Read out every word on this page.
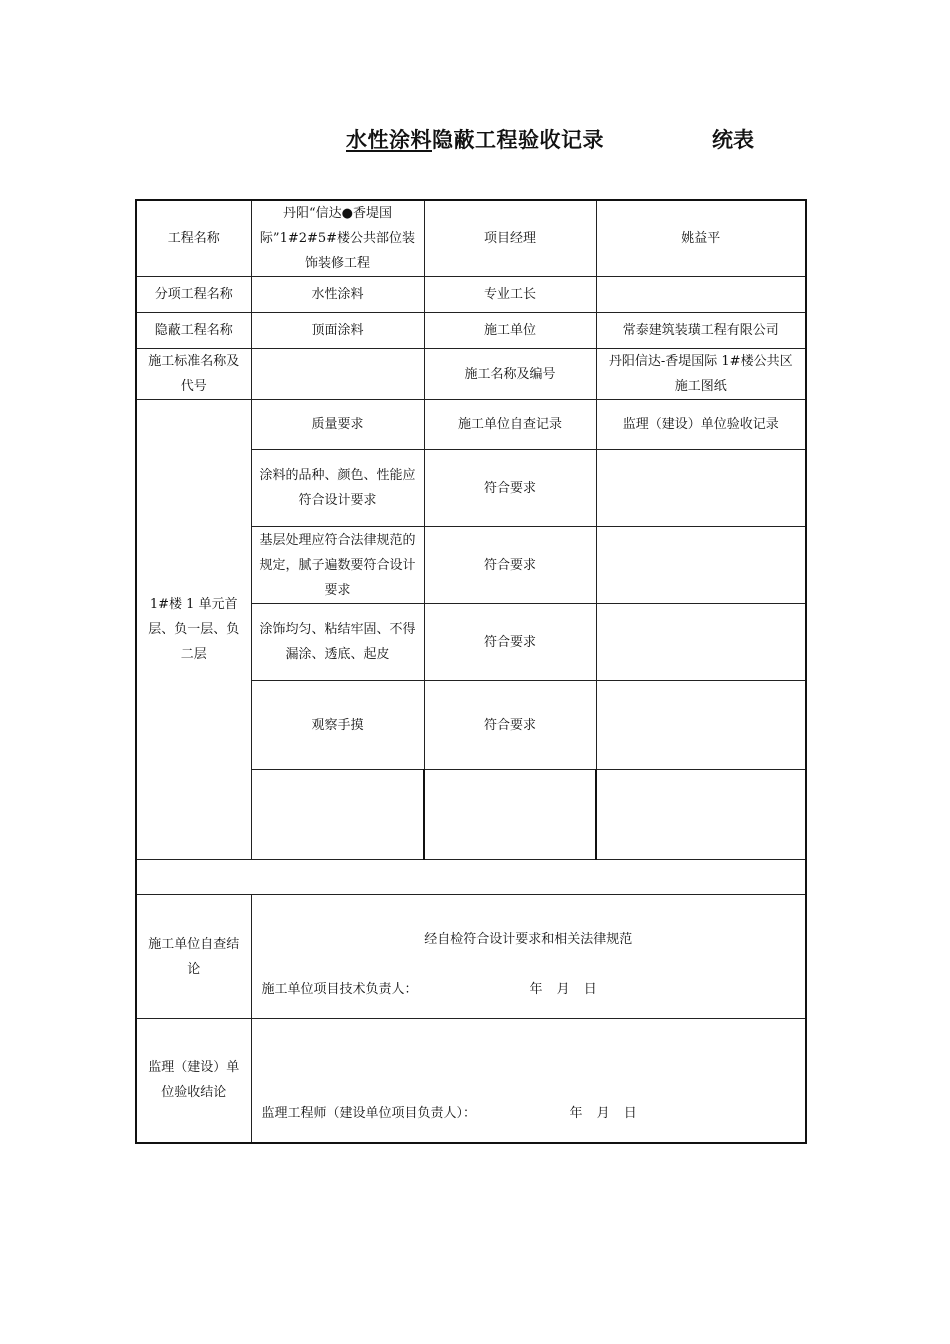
水性涂料隐蔽工程验收记录	统表
工程名称	丹阳“信达●香堤国际”1#2#5#楼公共部位装饰装修工程	项目经理	姚益平
分项工程名称	水性涂料	专业工长	
隐蔽工程名称	顶面涂料	施工单位	常泰建筑装璜工程有限公司
施工标准名称及代号		施工名称及编号	丹阳信达-香堤国际 1#楼公共区施工图纸
1#楼 1 单元首层、负一层、负二层	质量要求	施工单位自查记录	监理（建设）单位验收记录
	涂料的品种、颜色、性能应符合设计要求	符合要求	
	基层处理应符合法律规范的规定，腻子遍数要符合设计要求	符合要求	
	涂饰均匀、粘结牢固、不得漏涂、透底、起皮	符合要求	
	观察手摸	符合要求	

施工单位自查结论	经自检符合设计要求和相关法律规范
施工单位项目技术负责人： 年 月 日		

监理（建设）单位验收结论	监理工程师（建设单位项目负责人）： 年 月 日		
